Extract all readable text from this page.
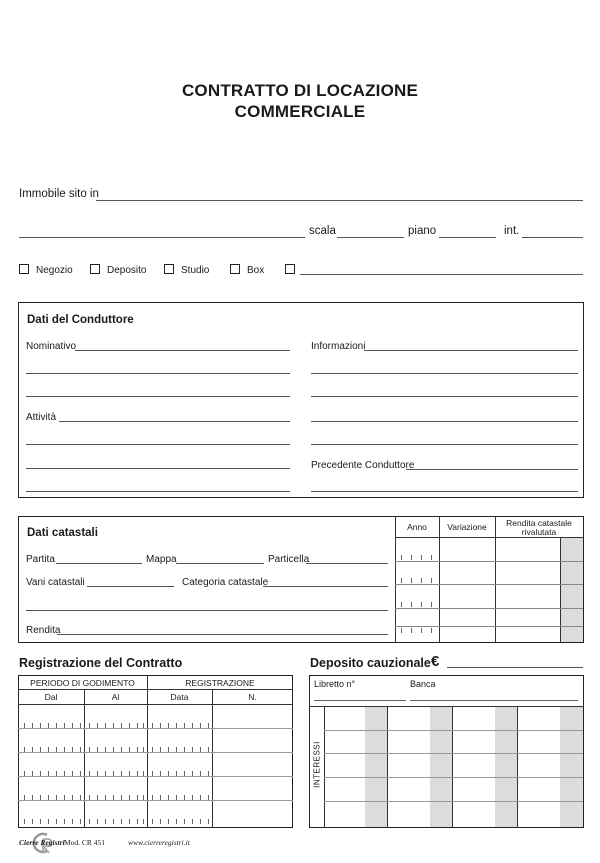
CONTRATTO DI LOCAZIONE
COMMERCIALE
Immobile sito in
scala	piano	int.
Negozio	Deposito	Studio	Box
Dati del Conduttore
Nominativo
Attività
Informazioni
Precedente Conduttore
Anno	Variazione	Rendita catastale
rivalutata
Dati catastali
Partita	Mappa	Particella
Vani catastali	Categoria catastale
Rendita
Registrazione del Contratto
PERIODO DI GODIMENTO	REGISTRAZIONE
Dal	Al	Data	N.
Deposito cauzionale €
Libretto n°	Banca
INTERESSI
Cierre Registri Mod. CR 451	www.cierreregistri.it
